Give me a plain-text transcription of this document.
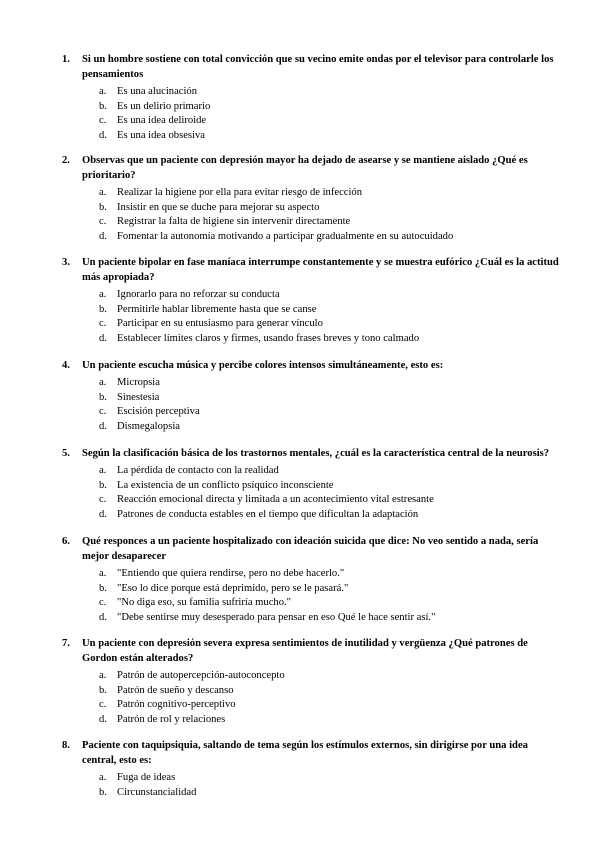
1. Si un hombre sostiene con total convicción que su vecino emite ondas por el televisor para controlarle los pensamientos
a.	Es una alucinación
b. Es un delirio primario
c.	Es una idea deliroide
d. Es una idea obsesiva
2. Observas que un paciente con depresión mayor ha dejado de asearse y se mantiene aislado ¿Qué es prioritario?
a.	Realizar la higiene por ella para evitar riesgo de infección
b. Insistir en que se duche para mejorar su aspecto
c.	Registrar la falta de higiene sin intervenir directamente
d. Fomentar la autonomía motivando a participar gradualmente en su autocuidado
3. Un paciente bipolar en fase maníaca interrumpe constantemente y se muestra eufórico ¿Cuál es la actitud más apropiada?
a.	Ignorarlo para no reforzar su conducta
b. Permitirle hablar libremente hasta que se canse
c.	Participar en su entusiasmo para generar vínculo
d. Establecer límites claros y firmes, usando frases breves y tono calmado
4. Un paciente escucha música y percibe colores intensos simultáneamente, esto es:
a.	Micropsia
b. Sinestesia
c.	Escisión perceptiva
d. Dismegalopsia
5. Según la clasificación básica de los trastornos mentales, ¿cuál es la característica central de la neurosis?
a.	La pérdida de contacto con la realidad
b. La existencia de un conflicto psíquico inconsciente
c.	Reacción emocional directa y limitada a un acontecimiento vital estresante
d. Patrones de conducta estables en el tiempo que dificultan la adaptación
6. Qué responces a un paciente hospitalizado con ideación suicida que dice: No veo sentido a nada, sería mejor desaparecer
a.	"Entiendo que quiera rendirse, pero no debe hacerlo."
b. "Eso lo dice porque está deprimido, pero se le pasará."
c.	"No diga eso, su familia sufriría mucho."
d. "Debe sentirse muy desesperado para pensar en eso Qué le hace sentir así."
7. Un paciente con depresión severa expresa sentimientos de inutilidad y vergüenza ¿Qué patrones de Gordon están alterados?
a.	Patrón de autopercepción-autoconcepto
b. Patrón de sueño y descanso
c.	Patrón cognitivo-perceptivo
d. Patrón de rol y relaciones
8. Paciente con taquipsiquia, saltando de tema según los estímulos externos, sin dirigirse por una idea central, esto es:
a.	Fuga de ideas
b. Circunstancialidad
